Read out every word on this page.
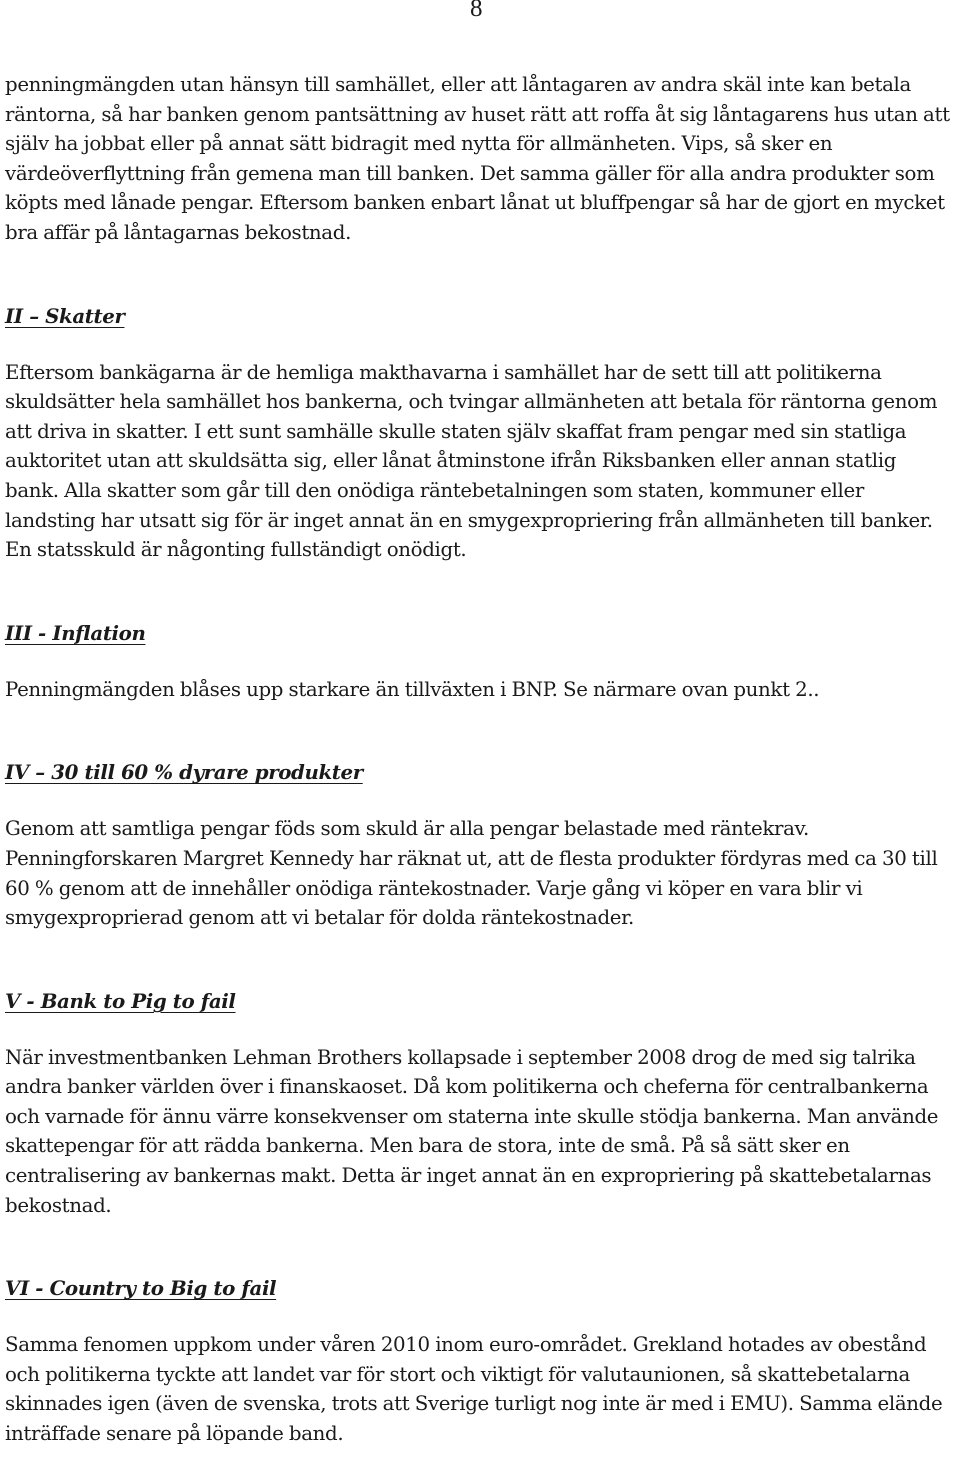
8

penningmängden utan hänsyn till samhället, eller att låntagaren av andra skäl inte kan betala räntorna, så har banken genom pantsättning av huset rätt att roffa åt sig låntagarens hus utan att själv ha jobbat eller på annat sätt bidragit med nytta för allmänheten. Vips, så sker en värdeöverflyttning från gemena man till banken. Det samma gäller för alla andra produkter som köpts med lånade pengar. Eftersom banken enbart lånat ut bluffpengar så har de gjort en mycket bra affär på låntagarnas bekostnad.

II – Skatter

Eftersom bankägarna är de hemliga makthavarna i samhället har de sett till att politikerna skuldsätter hela samhället hos bankerna, och tvingar allmänheten att betala för räntorna genom att driva in skatter. I ett sunt samhälle skulle staten själv skaffat fram pengar med sin statliga auktoritet utan att skuldsätta sig, eller lånat åtminstone ifrån Riksbanken eller annan statlig bank. Alla skatter som går till den onödiga räntebetalningen som staten, kommuner eller landsting har utsatt sig för är inget annat än en smygexpropriering från allmänheten till banker. En statsskuld är någonting fullständigt onödigt.

III - Inflation

Penningmängden blåses upp starkare än tillväxten i BNP. Se närmare ovan punkt 2..

IV – 30 till 60 % dyrare produkter

Genom att samtliga pengar föds som skuld är alla pengar belastade med räntekrav. Penningforskaren Margret Kennedy har räknat ut, att de flesta produkter fördyras med ca 30 till 60 % genom att de innehåller onödiga räntekostnader. Varje gång vi köper en vara blir vi smygexproprierad genom att vi betalar för dolda räntekostnader.

V - Bank to Pig to fail

När investmentbanken Lehman Brothers kollapsade i september 2008 drog de med sig talrika andra banker världen över i finanskaoset. Då kom politikerna och cheferna för centralbankerna och varnade för ännu värre konsekvenser om staterna inte skulle stödja bankerna. Man använde skattepengar för att rädda bankerna. Men bara de stora, inte de små. På så sätt sker en centralisering av bankernas makt. Detta är inget annat än en expropriering på skattebetalarnas bekostnad.

VI - Country to Big to fail

Samma fenomen uppkom under våren 2010 inom euro-området. Grekland hotades av obestånd och politikerna tyckte att landet var för stort och viktigt för valutaunionen, så skattebetalarna skinnades igen (även de svenska, trots att Sverige turligt nog inte är med i EMU). Samma elände inträffade senare på löpande band.
